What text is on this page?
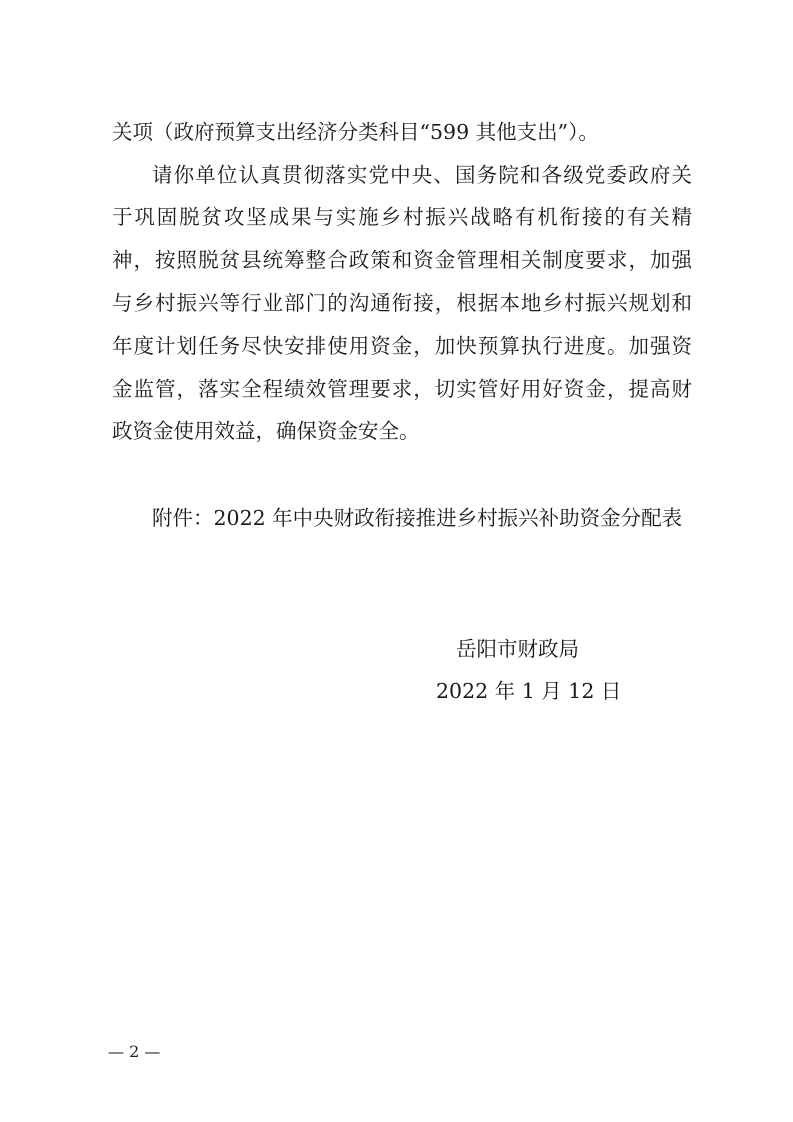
关项（政府预算支出经济分类科目“599 其他支出”）。
请你单位认真贯彻落实党中央、国务院和各级党委政府关
于巩固脱贫攻坚成果与实施乡村振兴战略有机衔接的有关精
神，按照脱贫县统筹整合政策和资金管理相关制度要求，加强
与乡村振兴等行业部门的沟通衔接，根据本地乡村振兴规划和
年度计划任务尽快安排使用资金，加快预算执行进度。加强资
金监管，落实全程绩效管理要求，切实管好用好资金，提高财
政资金使用效益，确保资金安全。
附件：2022 年中央财政衔接推进乡村振兴补助资金分配表
岳阳市财政局
2022 年 1 月 12 日
— 2 —
